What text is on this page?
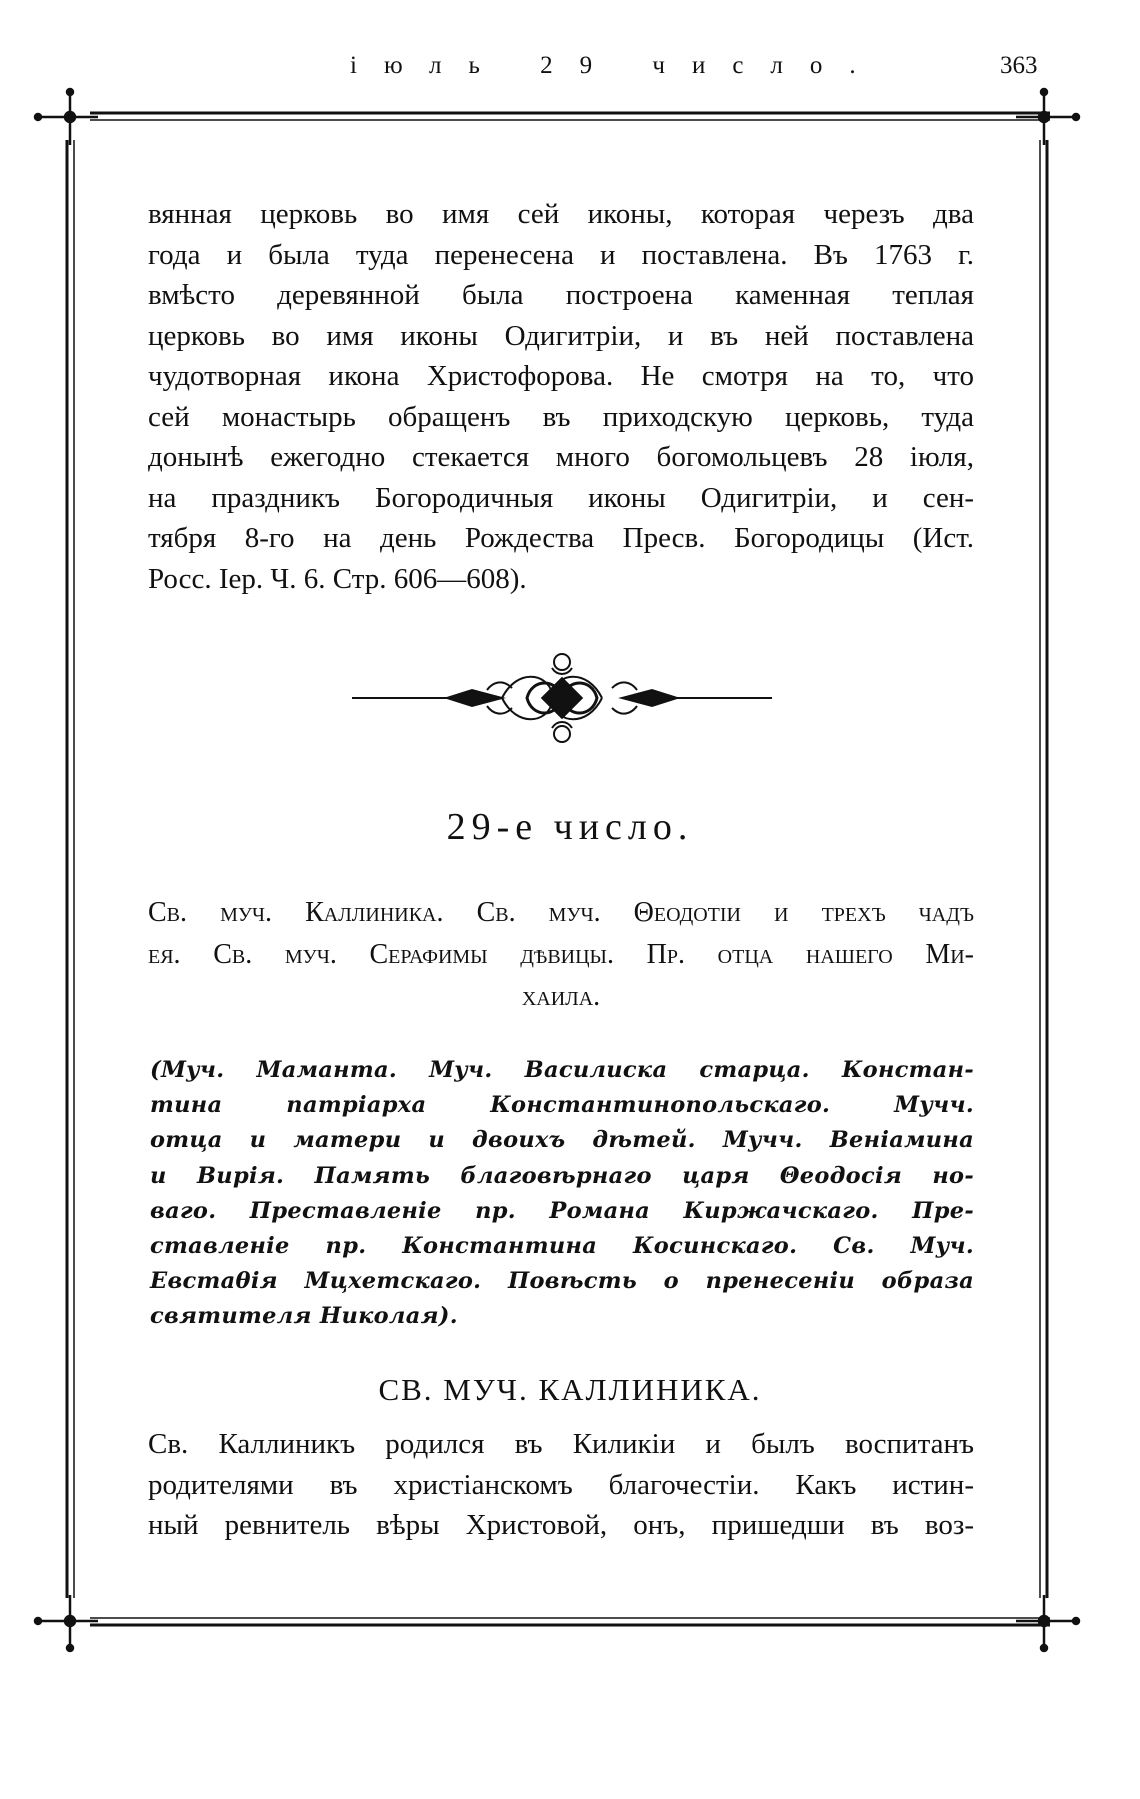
іюль 29 число.	363
вянная церковь во имя сей иконы, которая черезъ два
года и была туда перенесена и поставлена. Въ 1763 г.
вмѣсто деревянной была построена каменная теплая
церковь во имя иконы Одигитріи, и въ ней поставлена
чудотворная икона Христофорова. Не смотря на то, что
сей монастырь обращенъ въ приходскую церковь, туда
донынѣ ежегодно стекается много богомольцевъ 28 іюля,
на праздникъ Богородичныя иконы Одигитріи, и сен-
тября 8-го на день Рождества Пресв. Богородицы (Ист.
Росс. Іер. Ч. 6. Стр. 606—608).
29-е число.
Св. муч. Каллиника. Св. муч. Θеодотіи и трехъ чадъ
ея. Св. муч. Серафимы дѣвицы. Пр. отца нашего Ми-
хаила.
(Муч. Маманта. Муч. Василиска старца. Констан-
тина патріарха Константинопольскаго. Мучч.
отца и матери и двоихъ дѣтей. Мучч. Веніамина
и Вирія. Память благовѣрнаго царя Θеодосія но-
ваго. Преставленіе пр. Романа Киржачскаго. Пре-
ставленіе пр. Константина Косинскаго. Св. Муч.
Евстаθія Мцхетскаго. Повѣсть о пренесеніи образа
святителя Николая).
СВ. МУЧ. КАЛЛИНИКА.
Св. Каллиникъ родился въ Киликіи и былъ воспитанъ
родителями въ христіанскомъ благочестіи. Какъ истин-
ный ревнитель вѣры Христовой, онъ, пришедши въ воз-
